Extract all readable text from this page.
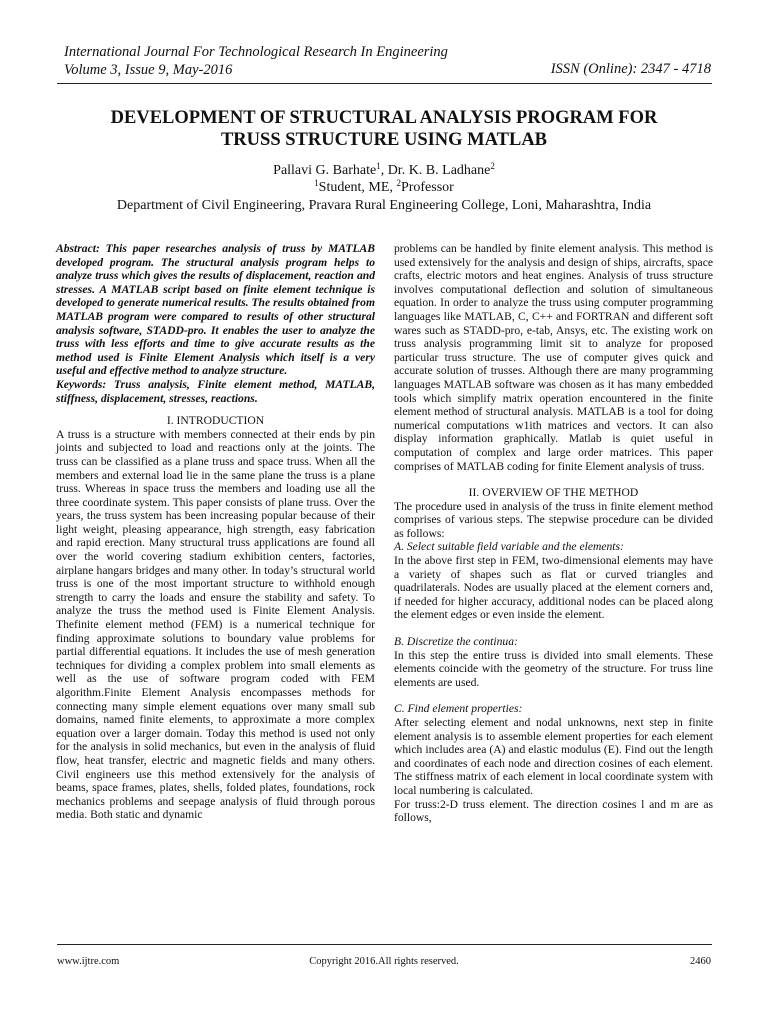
International Journal For Technological Research In Engineering
Volume 3, Issue 9, May-2016	ISSN (Online): 2347 - 4718
DEVELOPMENT OF STRUCTURAL ANALYSIS PROGRAM FOR
TRUSS STRUCTURE USING MATLAB
Pallavi G. Barhate$^1$, Dr. K. B. Ladhane$^2$
$^1$Student, ME, $^2$Professor
Department of Civil Engineering, Pravara Rural Engineering College, Loni, Maharashtra, India

Abstract: This paper researches analysis of truss by MATLAB developed program. The structural analysis program helps to analyze truss which gives the results of displacement, reaction and stresses. A MATLAB script based on finite element technique is developed to generate numerical results. The results obtained from MATLAB program were compared to results of other structural analysis software, STADD-pro. It enables the user to analyze the truss with less efforts and time to give accurate results as the method used is Finite Element Analysis which itself is a very useful and effective method to analyze structure.

Keywords: Truss analysis, Finite element method, MATLAB, stiffness, displacement, stresses, reactions.

I. INTRODUCTION

A truss is a structure with members connected at their ends by pin joints and subjected to load and reactions only at the joints. The truss can be classified as a plane truss and space truss. When all the members and external load lie in the same plane the truss is a plane truss. Whereas in space truss the members and loading use all the three coordinate system. This paper consists of plane truss. Over the years, the truss system has been increasing popular because of their light weight, pleasing appearance, high strength, easy fabrication and rapid erection. Many structural truss applications are found all over the world covering stadium exhibition centers, factories, airplane hangars bridges and many other. In today’s structural world truss is one of the most important structure to withhold enough strength to carry the loads and ensure the stability and safety. To analyze the truss the method used is Finite Element Analysis. Thefinite element method (FEM) is a numerical technique for finding approximate solutions to boundary value problems for partial differential equations. It includes the use of mesh generation techniques for dividing a complex problem into small elements as well as the use of software program coded with FEM algorithm.Finite Element Analysis encompasses methods for connecting many simple element equations over many small sub domains, named finite elements, to approximate a more complex equation over a larger domain. Today this method is used not only for the analysis in solid mechanics, but even in the analysis of fluid flow, heat transfer, electric and magnetic fields and many others. Civil engineers use this method extensively for the analysis of beams, space frames, plates, shells, folded plates, foundations, rock mechanics problems and seepage analysis of fluid through porous media. Both static and dynamic

problems can be handled by finite element analysis. This method is used extensively for the analysis and design of ships, aircrafts, space crafts, electric motors and heat engines. Analysis of truss structure involves computational deflection and solution of simultaneous equation. In order to analyze the truss using computer programming languages like MATLAB, C, C++ and FORTRAN and different soft wares such as STADD-pro, e-tab, Ansys, etc. The existing work on truss analysis programming limit sit to analyze for proposed particular truss structure. The use of computer gives quick and accurate solution of trusses. Although there are many programming languages MATLAB software was chosen as it has many embedded tools which simplify matrix operation encountered in the finite element method of structural analysis. MATLAB is a tool for doing numerical computations w1ith matrices and vectors. It can also display information graphically. Matlab is quiet useful in computation of complex and large order matrices. This paper comprises of MATLAB coding for finite Element analysis of truss.

II. OVERVIEW OF THE METHOD

The procedure used in analysis of the truss in finite element method comprises of various steps. The stepwise procedure can be divided as follows:

A. Select suitable field variable and the elements:

In the above first step in FEM, two-dimensional elements may have a variety of shapes such as flat or curved triangles and quadrilaterals. Nodes are usually placed at the element corners and, if needed for higher accuracy, additional nodes can be placed along the element edges or even inside the element.

B. Discretize the continua:

In this step the entire truss is divided into small elements. These elements coincide with the geometry of the structure. For truss line elements are used.

C. Find element properties:

After selecting element and nodal unknowns, next step in finite element analysis is to assemble element properties for each element which includes area (A) and elastic modulus (E). Find out the length and coordinates of each node and direction cosines of each element. The stiffness matrix of each element in local coordinate system with local numbering is calculated.

For truss:2-D truss element. The direction cosines l and m are as follows,

www.ijtre.com	Copyright 2016.All rights reserved.	2460
